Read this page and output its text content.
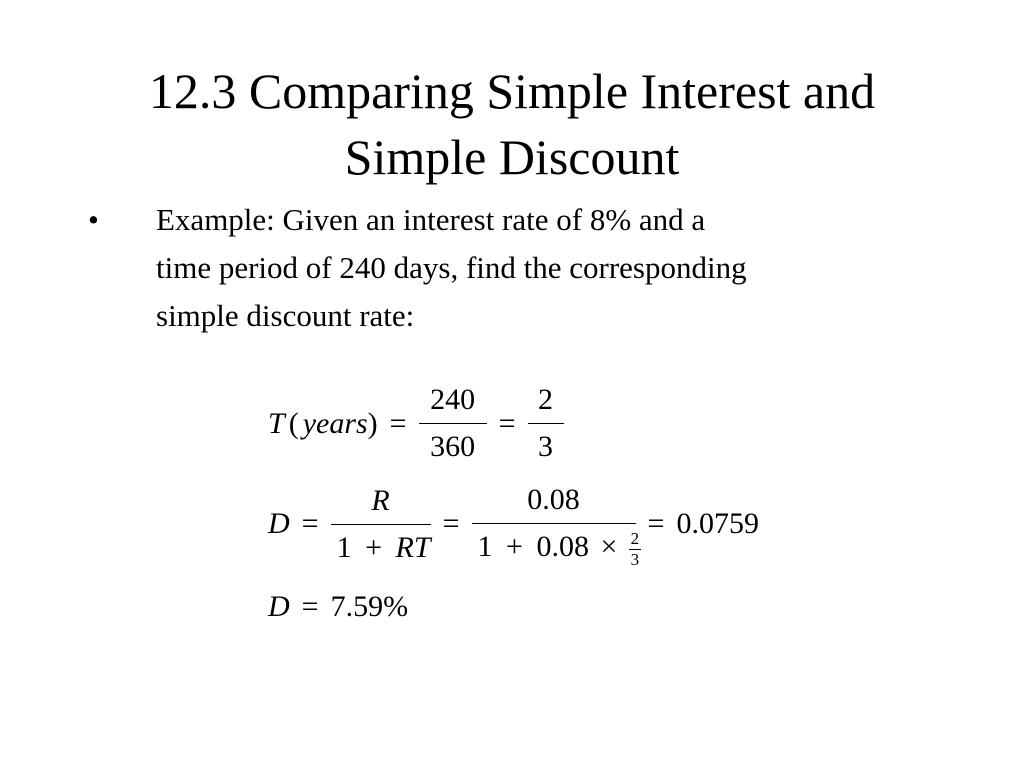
12.3 Comparing Simple Interest and
Simple Discount
• Example: Given an interest rate of 8% and a
time period of 240 days, find the corresponding
simple discount rate:
T ( years ) = $\frac{240}{360} = \frac{2}{3}$
$D = \frac{R}{1 + RT}$ =
0.08
$1 + 0.08 \times \frac{2}{3}$
= 0.0759
D = 7.59%
